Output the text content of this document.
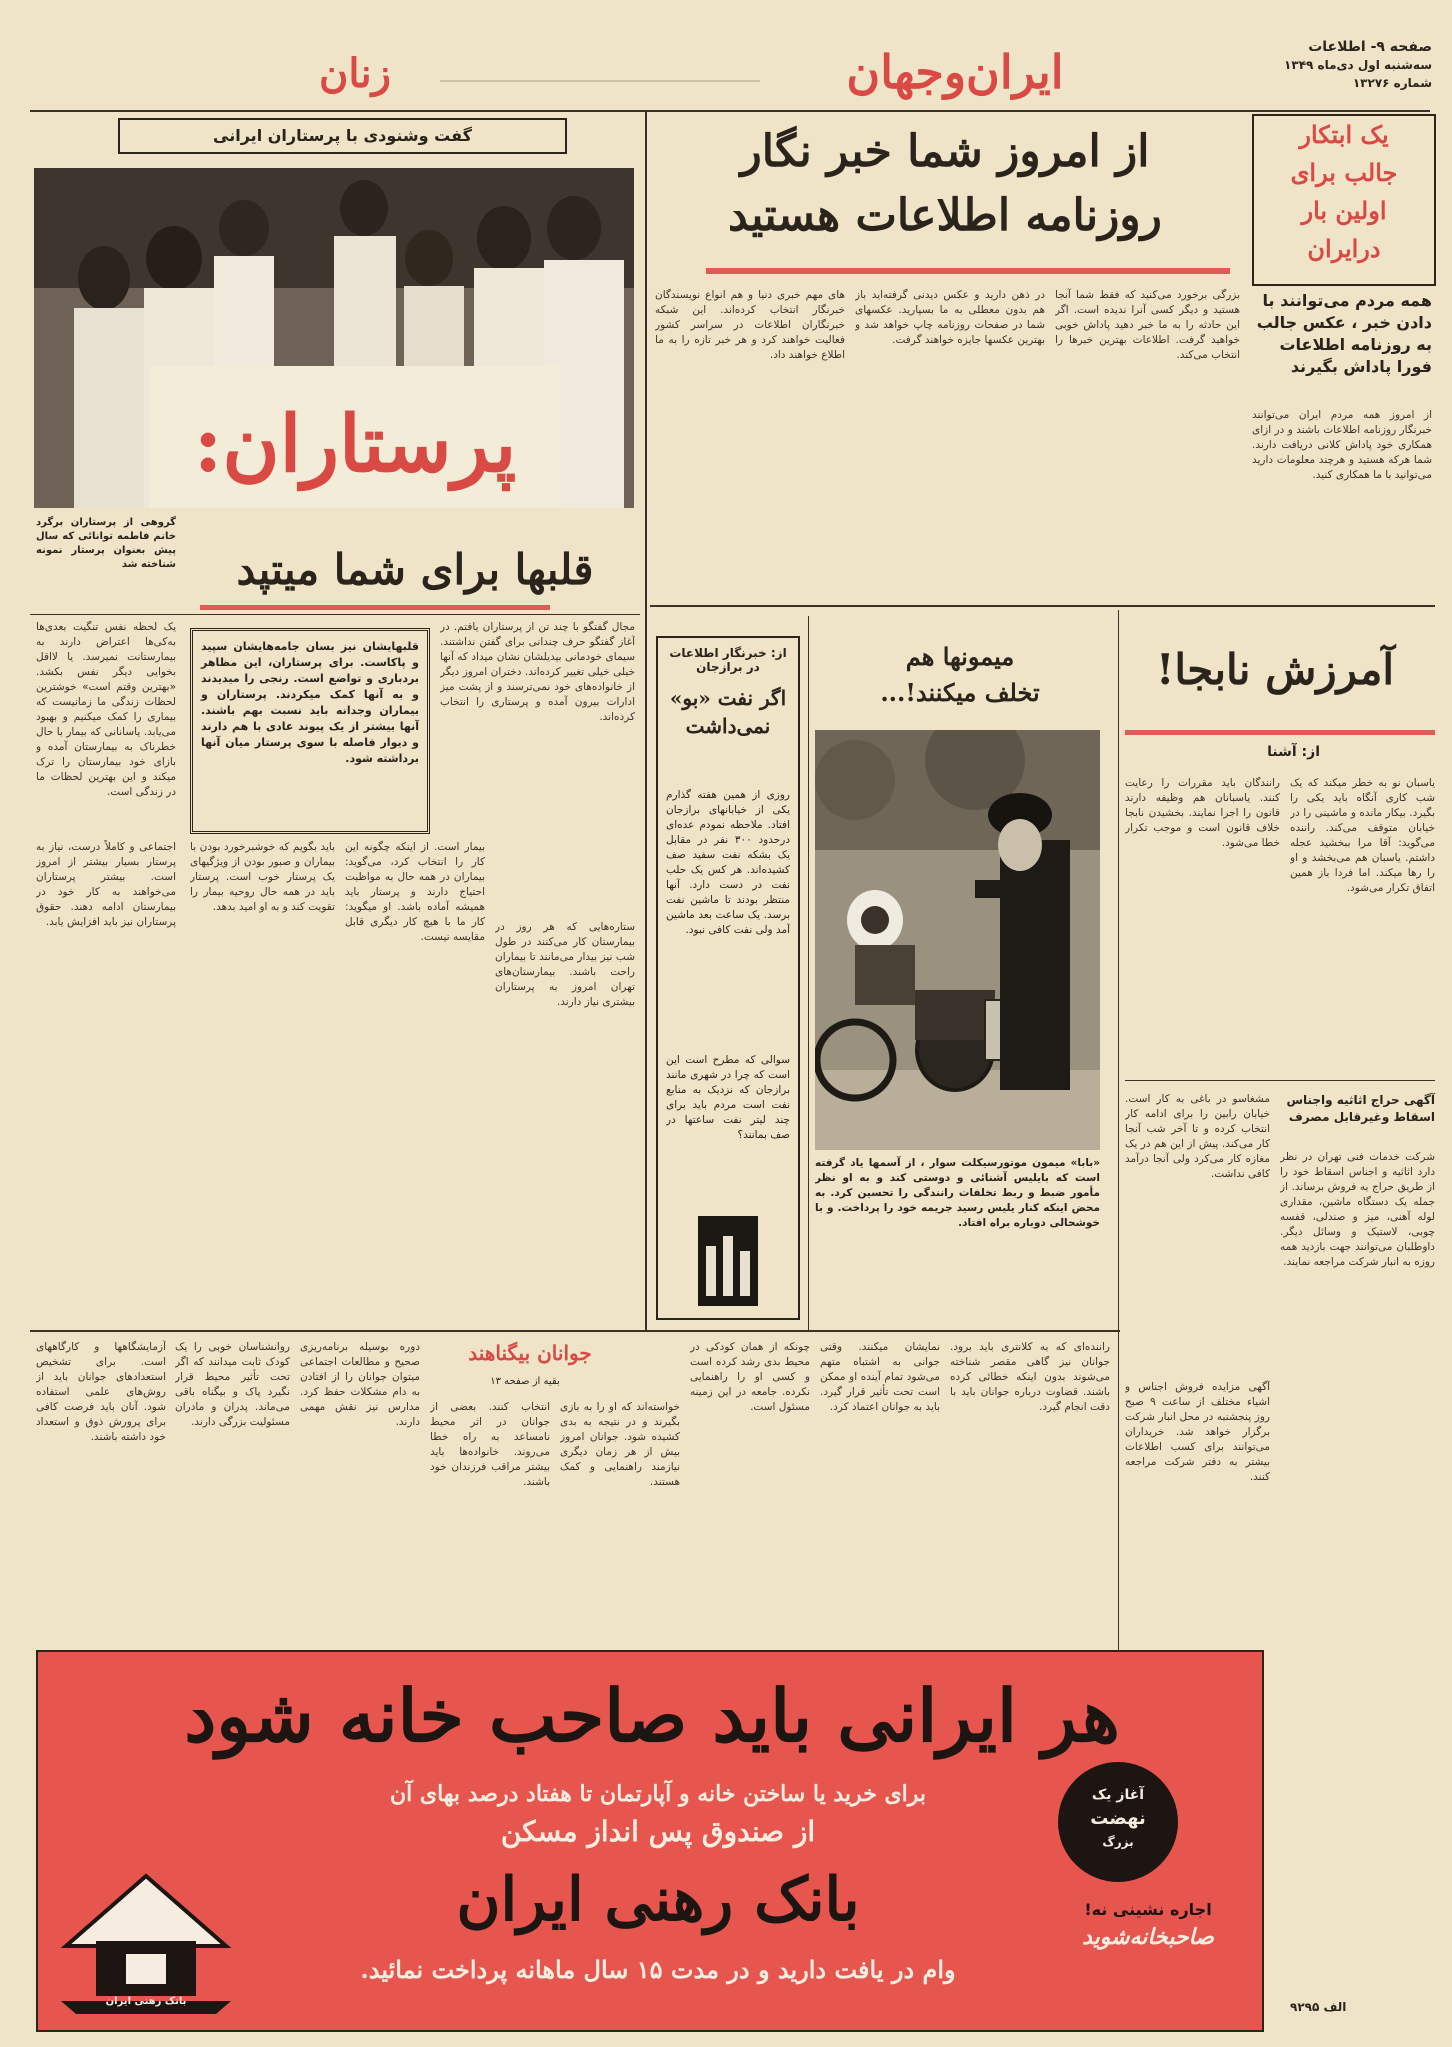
صفحه ۹- اطلاعات
سه‌شنبه اول دی‌ماه ۱۳۴۹
شماره ۱۳۲۷۶
ایران‌وجهان
زنان
گفت وشنودی با پرستاران ایرانی
پرستاران:
گروهی از پرستاران برگرد خانم فاطمه توانائی که سال پیش بعنوان پرستار نمونه شناخته شد	قلبها برای شما میتپد
یک لحظه نفس تنگیت بعدی‌ها به‌کی‌ها اعتراض دارند به بیمارستانت نمیرسد. یا لااقل بخوایی دیگر نفس بکشد. «بهترین وقتم است» خوشترین لحظات زندگی ما زمانیست که بیماری را کمک میکنیم و بهبود می‌یابد. یاسانانی که بیمار با حال خطرناک به بیمارستان آمده و بازای خود بیمارستان را ترک میکند و این بهترین لحظات ما در زندگی است.
قلبهایشان نیز بسان جامه‌هایشان سپید و پاکاست. برای پرستاران، این مظاهر بردباری و تواضع است. رنجی را میدیدند و به آنها کمک میکردند. پرستاران و بیماران وجدانه باید نسبت بهم باشند. آنها بیشتر از یک پیوند عادی با هم دارند و دیوار فاصله با سوی پرستار میان آنها برداشته شود.
مجال گفتگو با چند تن از پرستاران یافتم. در آغاز گفتگو حرف چندانی برای گفتن نداشتند. سیمای خودمانی بیدیلشان نشان میداد که آنها خیلی خیلی تغییر کرده‌اند. دختران امروز دیگر از خانواده‌های خود نمی‌ترسند و از پشت میز ادارات بیرون آمده و پرستاری را انتخاب کرده‌اند.
بیمار است. از اینکه چگونه این کار را انتخاب کرد، می‌گوید: بیماران در همه حال به مواظبت احتیاج دارند و پرستار باید همیشه آماده باشد. او میگوید: کار ما با هیچ کار دیگری قابل مقایسه نیست.
باید بگویم که خوشبرخورد بودن با بیماران و صبور بودن از ویژگیهای یک پرستار خوب است. پرستار باید در همه حال روحیه بیمار را تقویت کند و به او امید بدهد.
ستاره‌هایی که هر روز در بیمارستان کار می‌کنند در طول شب نیز بیدار می‌مانند تا بیماران راحت باشند. بیمارستان‌های تهران امروز به پرستاران بیشتری نیاز دارند.
اجتماعی و کاملاً درست، نیاز به پرستار بسیار بیشتر از امروز است. بیشتر پرستاران می‌خواهند به کار خود در بیمارستان ادامه دهند. حقوق پرستاران نیز باید افزایش یابد.
از امروز شما خبر نگار
روزنامه اطلاعات هستید
یک ابتکار
جالب برای
اولین بار
درایران
همه مردم می‌توانند با دادن خبر ، عکس جالب به روزنامه اطلاعات فورا پاداش بگیرند
از امروز همه مردم ایران می‌توانند خبرنگار روزنامه اطلاعات باشند و در ازای همکاری خود پاداش کلانی دریافت دارند. شما هرکه هستید و هرچند معلومات دارید می‌توانید با ما همکاری کنید.
بزرگی برخورد می‌کنید که فقط شما آنجا هستید و دیگر کسی آنرا ندیده است. اگر این حادثه را به ما خبر دهید پاداش خوبی خواهید گرفت. اطلاعات بهترین خبرها را انتخاب می‌کند.
در ذهن دارید و عکس دیدنی گرفته‌اید باز هم بدون معطلی به ما بسپارید. عکسهای شما در صفحات روزنامه چاپ خواهد شد و بهترین عکسها جایزه خواهند گرفت.
های مهم خبری دنیا و هم انواع نویسندگان خبرنگار انتخاب کرده‌اند. این شبکه خبرنگاران اطلاعات در سراسر کشور فعالیت خواهند کرد و هر خبر تازه را به ما اطلاع خواهند داد.
آمرزش نابجا!
از: آشنا
یاسبان نو به خطر میکند که یک شب کاری آنگاه باید یکی را بگیرد. بیکار مانده و ماشینی را در خیابان متوقف می‌کند. راننده می‌گوید: آقا مرا ببخشید عجله داشتم. یاسبان هم می‌بخشد و او را رها میکند. اما فردا باز همین اتفاق تکرار می‌شود.
رانندگان باید مقررات را رعایت کنند. یاسبانان هم وظیفه دارند قانون را اجرا نمایند. بخشیدن نابجا خلاف قانون است و موجب تکرار خطا می‌شود.
آگهی حراج اثاثیه واجناس اسقاط وغیرقابل مصرف
شرکت خدمات فنی تهران در نظر دارد اثاثیه و اجناس اسقاط خود را از طریق حراج به فروش برساند. از جمله یک دستگاه ماشین، مقداری لوله آهنی، میز و صندلی، قفسه چوبی، لاستیک و وسائل دیگر. داوطلبان می‌توانند جهت بازدید همه روزه به انبار شرکت مراجعه نمایند.
مشغاسو در باغی به کار است. خیابان رابین را برای ادامه کار انتخاب کرده و تا آخر شب آنجا کار می‌کند. پیش از این هم در یک مغازه کار می‌کرد ولی آنجا درآمد کافی نداشت.
میمونها هم
تخلف میکنند!...
«بابا» میمون موتورسیکلت سوار ، از آسمها یاد گرفته است که بایلیس آشنائی و دوستی کند و به او نظر مأمور ضبط و ربط تخلفات رانندگی را تحسین کرد. به محض اینکه کنار یلیس رسید جریمه خود را پرداخت. و با خوشحالی دوباره براه افتاد.
از: خبرنگار اطلاعات
در برازجان
اگر نفت «بو»
نمی‌داشت
روزی از همین هفته گذارم یکی از خیابانهای برازجان افتاد. ملاحظه نمودم عده‌ای درحدود ۳۰۰ نفر در مقابل یک بشکه نفت سفید صف کشیده‌اند. هر کس یک حلب نفت در دست دارد. آنها منتظر بودند تا ماشین نفت برسد. یک ساعت بعد ماشین آمد ولی نفت کافی نبود.
سوالی که مطرح است این است که چرا در شهری مانند برازجان که نزدیک به منابع نفت است مردم باید برای چند لیتر نفت ساعتها در صف بمانند؟
جوانان بیگناهند
بقیه از صفحه ۱۳
خواسته‌اند که او را به بازی بگیرند و در نتیجه به بدی کشیده شود. جوانان امروز بیش از هر زمان دیگری نیازمند راهنمایی و کمک هستند.
انتخاب کنند. بعضی از جوانان در اثر محیط نامساعد به راه خطا می‌روند. خانواده‌ها باید بیشتر مراقب فرزندان خود باشند.
دوره بوسیله برنامه‌ریزی صحیح و مطالعات اجتماعی میتوان جوانان را از افتادن به دام مشکلات حفظ کرد. مدارس نیز نقش مهمی دارند.
روانشناسان خوبی را یک کودک ثابت میدانند که اگر تحت تأثیر محیط قرار نگیرد پاک و بیگناه باقی می‌ماند. پدران و مادران مسئولیت بزرگی دارند.
آزمایشگاهها و کارگاههای است. برای تشخیص استعدادهای جوانان باید از روش‌های علمی استفاده شود. آنان باید فرصت کافی برای پرورش ذوق و استعداد خود داشته باشند.
راننده‌ای که به کلانتری باید برود. جوانان نیز گاهی مقصر شناخته می‌شوند بدون اینکه خطائی کرده باشند. قضاوت درباره جوانان باید با دقت انجام گیرد.
نمایشان میکنند. وقتی جوانی به اشتباه متهم می‌شود تمام آینده او ممکن است تحت تأثیر قرار گیرد. باید به جوانان اعتماد کرد.
چونکه از همان کودکی در محیط بدی رشد کرده است و کسی او را راهنمایی نکرده. جامعه در این زمینه مسئول است.
آگهی مزایده فروش اجناس و اشیاء مختلف از ساعت ۹ صبح روز پنجشنبه در محل انبار شرکت برگزار خواهد شد. خریداران می‌توانند برای کسب اطلاعات بیشتر به دفتر شرکت مراجعه کنند.
الف ۹۲۹۵
هر ایرانی باید صاحب خانه شود
برای خرید یا ساختن خانه و آپارتمان تا هفتاد درصد بهای آن
از صندوق پس انداز مسکن
بانک رهنی ایران
وام در یافت دارید و در مدت ۱۵ سال ماهانه پرداخت نمائید.
بانک رهنی ایران
آغاز یک
نهضت
بزرگ
اجاره نشینی نه!
صاحبخانه‌شوید
